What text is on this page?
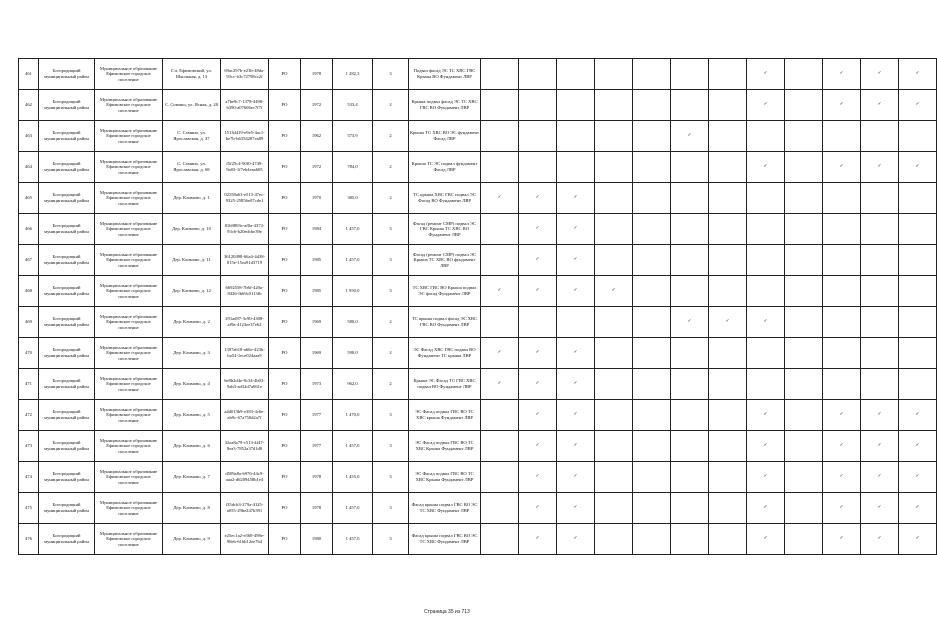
461	Богородицкий муниципальный район	Муниципальное образование Ефимовское городское поселение	Г.п. Ефимовский, ул. Школьная, д. 13	69ac297b-e23b-48da-93cc-b3c72798cc2f	РО	1978	1 282,3	3	Подвал фасад ЭС ТС ХВС ГВС Крыша ВО Фундамент ЛВР								✓		✓	✓	✓
462	Богородицкий муниципальный район	Муниципальное образование Ефимовское городское поселение	С. Сомино, ул. Ясная, д. 28	a7be9c7-1378-4498-b390-a07606ec7f7f	РО	1972	533,4	2	Крыша подвал фасад ЭС ТС ХВС ГВС ВО Фундамент ЛВР								✓		✓	✓	✓
463	Богородицкий муниципальный район	Муниципальное образование Ефимовское городское поселение	С. Сомино, ул. Ярославская, д. 37	1513d419-e9e5-4ac1-be7b-b6354287ea89	РО	1962	573,9	2	Крыша ТС ХВС ВО ЭС фундамент Фасад ЛВР						✓						
464	Богородицкий муниципальный район	Муниципальное образование Ефимовское городское поселение	С. Сомино, ул. Ярославская, д. 68	f5f25c4-90f0-4749-9a03-1f7eb4eaa605	РО	1972	784,0	2	Крыша ТС ЭС подвал фундамент Фасад ЛВР								✓		✓	✓	✓
465	Богородицкий муниципальный район	Муниципальное образование Ефимовское городское поселение	Дер. Климово, д. 1	02558a63-e513-47ec-9325-25856e07cde1	РО	1970	385,0	2	ТС крыша ХВС ГВС подвал ЭС Фасад ВО Фундамент ЛВР	✓	✓	✓									
466	Богородицкий муниципальный район	Муниципальное образование Ефимовское городское поселение	Дер. Климово, д. 10	81b9803e-af0a-4372-93c6-b20edcbe39e	РО	1984	1 457,0	3	Фасад (ремонт СМР) подвал ЭС ГВС Крыша ТС ХВС ВО Фундамент ЛВР		✓	✓									
467	Богородицкий муниципальный район	Муниципальное образование Ефимовское городское поселение	Дер. Климово, д. 11	36120498-66a4-4d38-815e-15ea91d3719	РО	1985	1 457,0	3	Фасад (ремонт СМР) подвал ЭС Крыша ТС ХВС ВО фундамент ЛВР		✓	✓									
468	Богородицкий муниципальный район	Муниципальное образование Ефимовское городское поселение	Дер. Климово, д. 12	6692558-7b6f-420a-8426-fb69c0113fb	РО	1985	1 950,0	3	ТС ХВС ГВС ВО Крыша подвал ЭС фасад Фундамент ЛВР	✓	✓	✓	✓								
469	Богородицкий муниципальный район	Муниципальное образование Ефимовское городское поселение	Дер. Климово, д. 2	291ad97-3c90-4308-af9a-4123ee37e62	РО	1969	580,0	2	ТС крыша подвал фасад ЭС ХВС ГВС ВО Фундамент ЛВР						✓	✓	✓				
470	Богородицкий муниципальный район	Муниципальное образование Ефимовское городское поселение	Дер. Климово, д. 3	1397a618-a66e-423b-ba54-1ece024aaa9	РО	1969	590,0	2	ЭС Фасад ХВС ГВС подвал ВО Фундамент ТС крыша ЛВР	✓	✓	✓									
471	Богородицкий муниципальный район	Муниципальное образование Ефимовское городское поселение	Дер. Климово, д. 4	6e8b2d4e-8c34-4b03-9ab3-ad32d7a061e	РО	1973	962,0	2	Крыша ЭС Фасад ТС ГВС ХВС подвал ВО Фундамент ЛВР	✓	✓	✓									
472	Богородицкий муниципальный район	Муниципальное образование Ефимовское городское поселение	Дер. Климово, д. 5	a4d013b9-e383-4c6e-ab9c-67a750d2a7f	РО	1977	1 470,0	3	ЭС Фасад подвал ГВС ВО ТС ХВС крыша Фундамент ЛВР		✓	✓					✓		✓	✓	✓
473	Богородицкий муниципальный район	Муниципальное образование Ефимовское городское поселение	Дер. Климово, д. 6	32ea8a79-c513-4f47-8ea3-7852a37d1d8	РО	1977	1 457,0	3	ЭС Фасад подвал ГВС ВО ТС ХВС Крыша Фундамент ЛВР		✓	✓					✓		✓	✓	✓
474	Богородицкий муниципальный район	Муниципальное образование Ефимовское городское поселение	Дер. Климово, д. 7	d509a8a-b976-44c9-aaa2-d6209458b1e4	РО	1978	1 455,0	3	ЭС Фасад подвал ГВС ВО ТС ХВС Крыша Фундамент ЛВР		✓	✓					✓		✓	✓	✓
475	Богородицкий муниципальный район	Муниципальное образование Ефимовское городское поселение	Дер. Климово, д. 8	f35dcb3-279a-4125-a055-29be247b391	РО	1978	1 457,0	3	Фасад крыша подвал ГВС ВО ЭС ТС ХВС Фундамент ЛВР		✓	✓					✓		✓	✓	✓
476	Богородицкий муниципальный район	Муниципальное образование Ефимовское городское поселение	Дер. Климово, д. 9	e25ec1a2-e568-498e-98eb-61bb12ee7b4	РО	1980	1 457,0	3	Фасад крыша подвал ГВС ВО ЭС ТС ХВС Фундамент ЛВР		✓	✓					✓		✓	✓	✓
Страница 35 из 713
